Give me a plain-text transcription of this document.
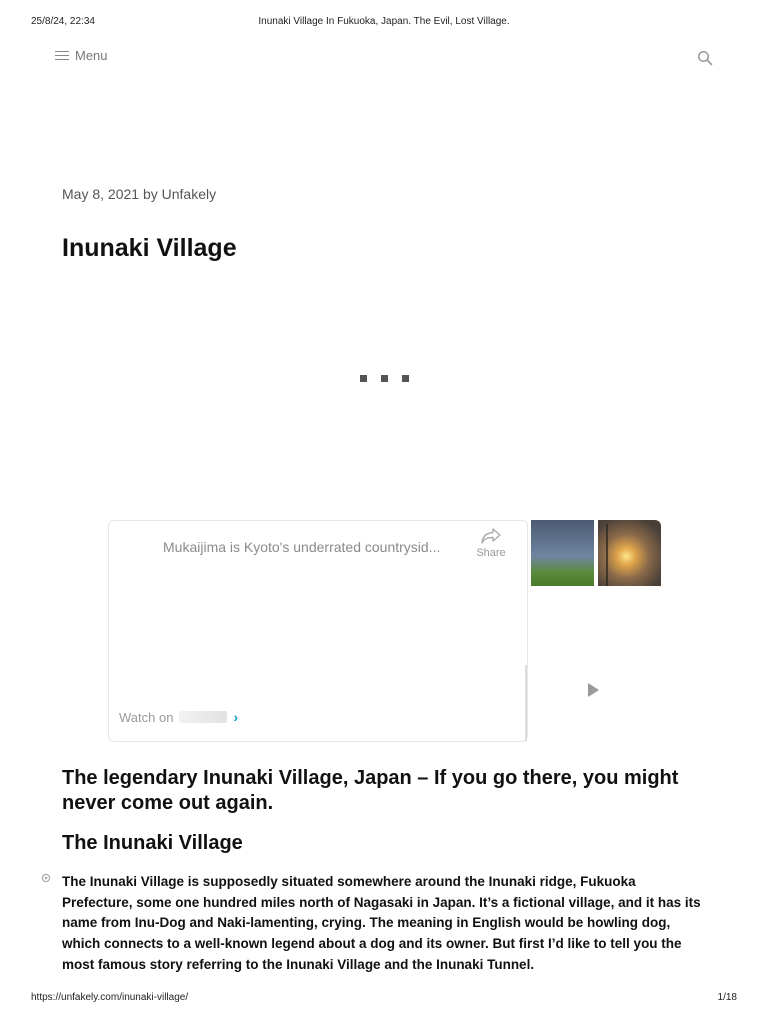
25/8/24, 22:34	Inunaki Village In Fukuoka, Japan. The Evil, Lost Village.
Menu
May 8, 2021 by Unfakely
Inunaki Village
Mukaijima is Kyoto's underrated countrysid...	Share
Watch on	›
The legendary Inunaki Village, Japan – If you go there, you might never come out again.
The Inunaki Village

The Inunaki Village is supposedly situated somewhere around the Inunaki ridge, Fukuoka Prefecture, some one hundred miles north of Nagasaki in Japan. It’s a fictional village, and it has its name from Inu-Dog and Naki-lamenting, crying. The meaning in English would be howling dog, which connects to a well-known legend about a dog and its owner. But first I’d like to tell you the most famous story referring to the Inunaki Village and the Inunaki Tunnel.

https://unfakely.com/inunaki-village/	1/18
